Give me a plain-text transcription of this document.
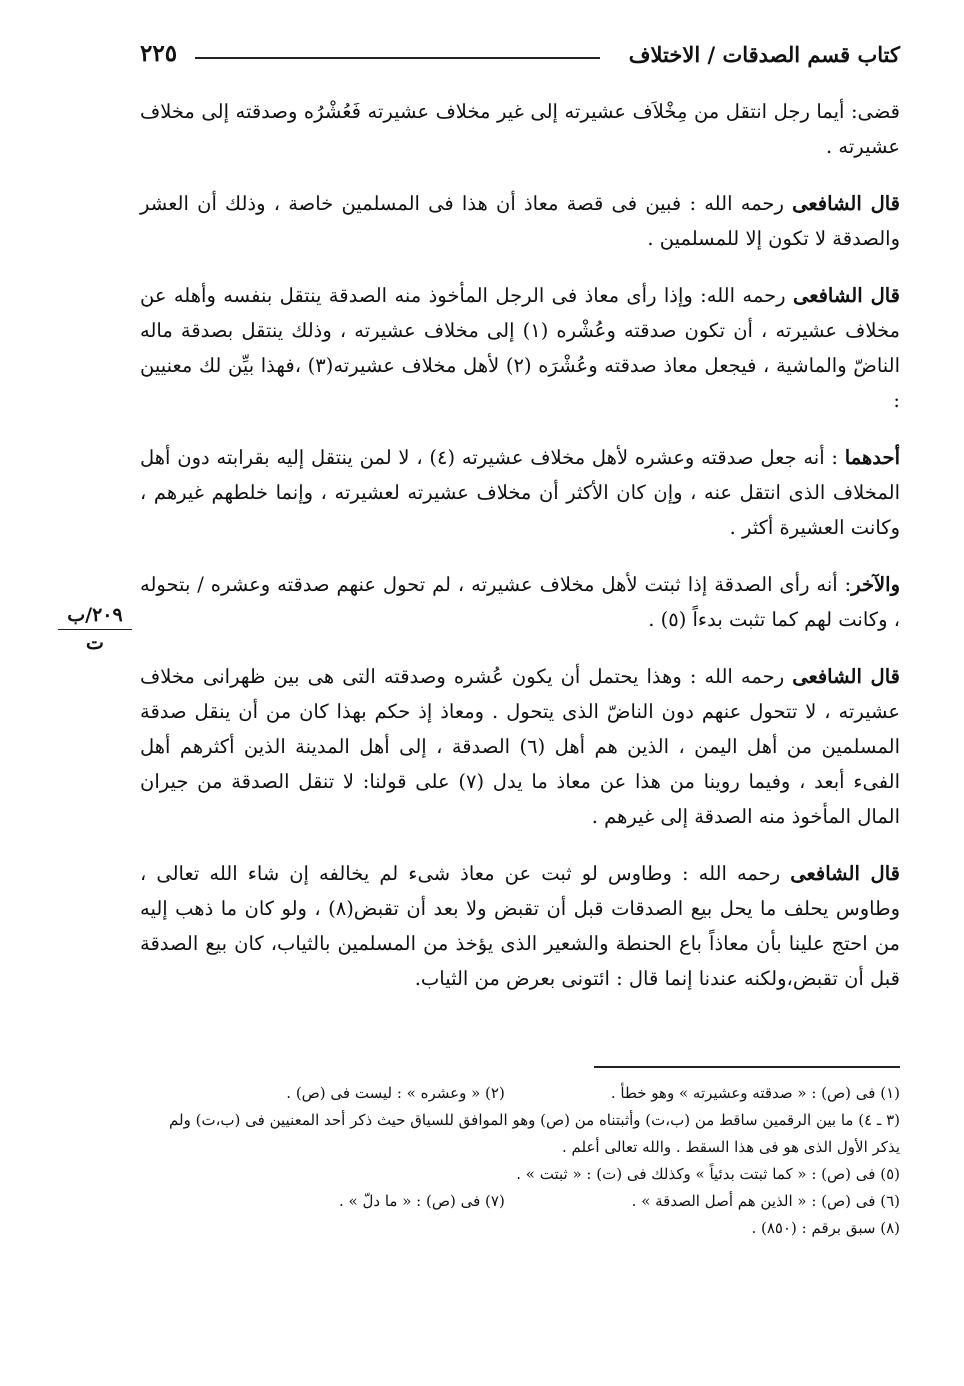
كتاب قسم الصدقات / الاختلاف
٢٢٥
٢٠٩/ب
ت

قضى: أيما رجل انتقل من مِخْلاَف عشيرته إلى غير مخلاف عشيرته فَعُشْرُه وصدقته إلى مخلاف عشيرته .

قال الشافعى رحمه الله : فبين فى قصة معاذ أن هذا فى المسلمين خاصة ، وذلك أن العشر والصدقة لا تكون إلا للمسلمين .

قال الشافعى رحمه الله: وإذا رأى معاذ فى الرجل المأخوذ منه الصدقة ينتقل بنفسه وأهله عن مخلاف عشيرته ، أن تكون صدقته وعُشْره (١) إلى مخلاف عشيرته ، وذلك ينتقل بصدقة ماله الناضّ والماشية ، فيجعل معاذ صدقته وعُشْرَه (٢) لأهل مخلاف عشيرته(٣) ،فهذا بيِّن لك معنيين :

أحدهما : أنه جعل صدقته وعشره لأهل مخلاف عشيرته (٤) ، لا لمن ينتقل إليه بقرابته دون أهل المخلاف الذى انتقل عنه ، وإن كان الأكثر أن مخلاف عشيرته لعشيرته ، وإنما خلطهم غيرهم ، وكانت العشيرة أكثر .

والآخر: أنه رأى الصدقة إذا ثبتت لأهل مخلاف عشيرته ، لم تحول عنهم صدقته وعشره / بتحوله ، وكانت لهم كما تثبت بدءاً (٥) .

قال الشافعى رحمه الله : وهذا يحتمل أن يكون عُشره وصدقته التى هى بين ظهرانى مخلاف عشيرته ، لا تتحول عنهم دون الناضّ الذى يتحول . ومعاذ إذ حكم بهذا كان من أن ينقل صدقة المسلمين من أهل اليمن ، الذين هم أهل (٦) الصدقة ، إلى أهل المدينة الذين أكثرهم أهل الفىء أبعد ، وفيما روينا من هذا عن معاذ ما يدل (٧) على قولنا: لا تنقل الصدقة من جيران المال المأخوذ منه الصدقة إلى غيرهم .

قال الشافعى رحمه الله : وطاوس لو ثبت عن معاذ شىء لم يخالفه إن شاء الله تعالى ، وطاوس يحلف ما يحل بيع الصدقات قبل أن تقبض ولا بعد أن تقبض(٨) ، ولو كان ما ذهب إليه من احتج علينا بأن معاذاً باع الحنطة والشعير الذى يؤخذ من المسلمين بالثياب، كان بيع الصدقة قبل أن تقبض،ولكنه عندنا إنما قال : ائتونى بعرض من الثياب.

(١) فى (ص) : « صدقته وعشيرته » وهو خطأ .

(٢) « وعشره » : ليست فى (ص) .

(٣ ـ ٤) ما بين الرقمين ساقط من (ب،ت) وأثبتناه من (ص) وهو الموافق للسياق حيث ذكر أحد المعنيين فى (ب،ت) ولم يذكر الأول الذى هو فى هذا السقط . والله تعالى أعلم .

(٥) فى (ص) : « كما ثبتت بدئياً » وكذلك فى (ت) : « ثبتت » .

(٦) فى (ص) : « الذين هم أصل الصدقة » .

(٧) فى (ص) : « ما دلّ » .

(٨) سبق برقم : (٨٥٠) .
